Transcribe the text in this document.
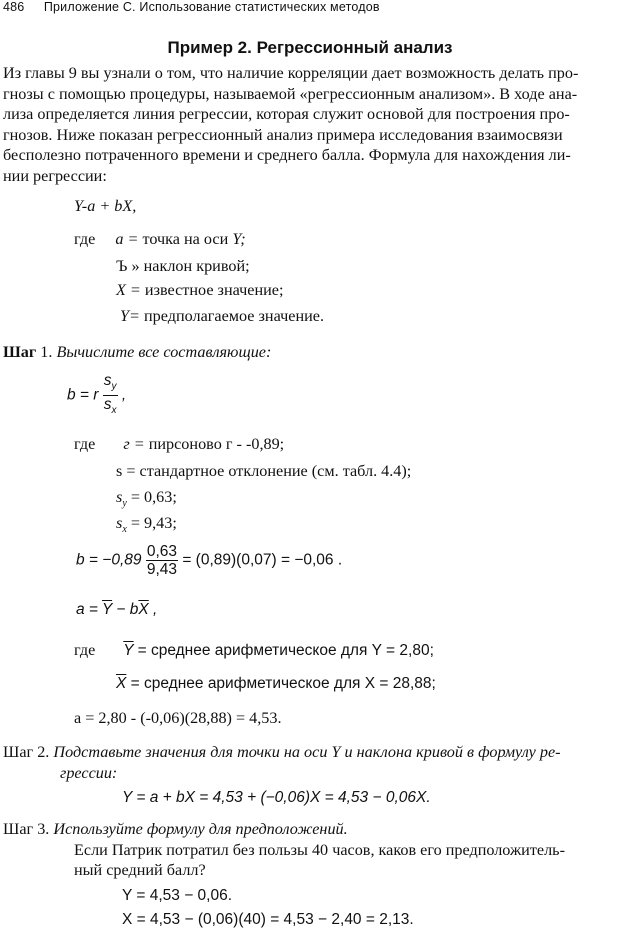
486 Приложение С. Использование статистических методов
Пример 2. Регрессионный анализ
Из главы 9 вы узнали о том, что наличие корреляции дает возможность делать про-
гнозы с помощью процедуры, называемой «регрессионным анализом». В ходе ана-
лиза определяется линия регрессии, которая служит основой для построения про-
гнозов. Ниже показан регрессионный анализ примера исследования взаимосвязи
бесполезно потраченного времени и среднего балла. Формула для нахождения ли-
нии регрессии:
Y-a + bX,
где a = точка на оси Y;
Ъ » наклон кривой;
X = известное значение;
Y= предполагаемое значение.
Шаг 1. Вычислите все составляющие:
b = r $\frac{s_y}{s_x}$ ,
где г = пирсоново г - -0,89;
s = стандартное отклонение (см. табл. 4.4);
$s_y = 0,63$;
$s_x = 9,43$;
$b = -0,89 \frac{0,63}{9,43} = (0,89)(0,07) = -0,06$ .
$a = \overline{Y} - b\overline{X}$ ,
где $\overline{Y}$ = среднее арифметическое для Y = 2,80;
$\overline{X}$ = среднее арифметическое для X = 28,88;
a = 2,80 - (-0,06)(28,88) = 4,53.
Шаг 2. Подставьте значения для точки на оси Y и наклона кривой в формулу ре-
грессии:
Y = a + bX = 4,53 + (−0,06)X = 4,53 − 0,06X.
Шаг 3. Используйте формулу для предположений.
Если Патрик потратил без пользы 40 часов, каков его предположитель-
ный средний балл?
Y = 4,53 − 0,06.
X = 4,53 − (0,06)(40) = 4,53 − 2,40 = 2,13.
